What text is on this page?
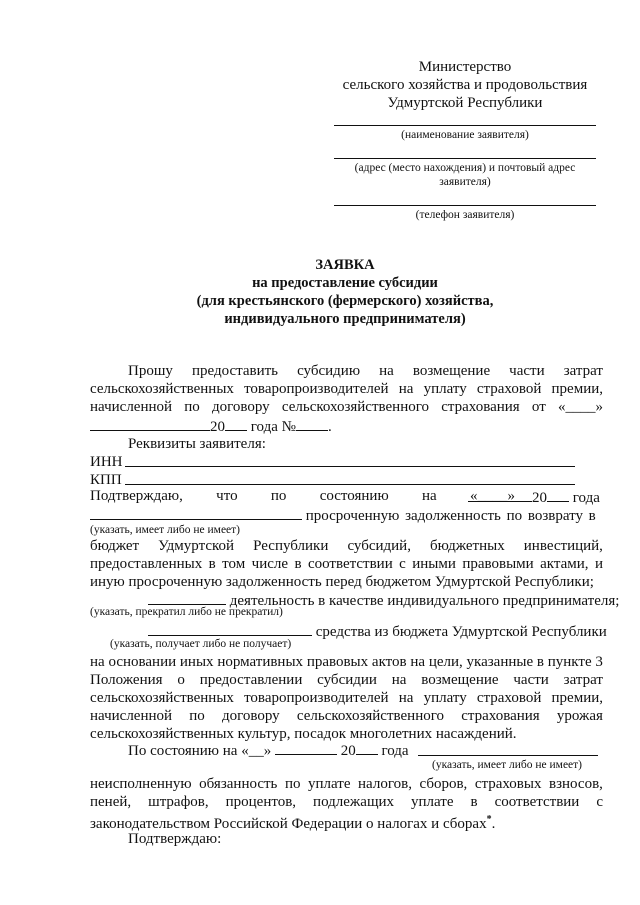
Министерство
сельского хозяйства и продовольствия
Удмуртской Республики
(наименование заявителя)
(адрес (место нахождения) и почтовый адрес
заявителя)
(телефон заявителя)
ЗАЯВКА
на предоставление субсидии
(для крестьянского (фермерского) хозяйства,
индивидуального предпринимателя)
Прошу предоставить субсидию на возмещение части затрат
сельскохозяйственных товаропроизводителей на уплату страховой премии,
начисленной по договору сельскохозяйственного страхования от «____»
20 года № .
Реквизиты заявителя:
ИНН
КПП
Подтверждаю, что по состоянию на «____»	20 года
просроченную задолженность по возврату в
(указать, имеет либо не имеет)
бюджет Удмуртской Республики субсидий, бюджетных инвестиций,
предоставленных в том числе в соответствии с иными правовыми актами, и
иную просроченную задолженность перед бюджетом Удмуртской Республики;
деятельность в качестве индивидуального предпринимателя;
(указать, прекратил либо не прекратил)
средства из бюджета Удмуртской Республики
(указать, получает либо не получает)
на основании иных нормативных правовых актов на цели, указанные в пункте 3
Положения о предоставлении субсидии на возмещение части затрат
сельскохозяйственных товаропроизводителей на уплату страховой премии,
начисленной по договору сельскохозяйственного страхования урожая
сельскохозяйственных культур, посадок многолетних насаждений.
По состоянию на «__»	20 года
(указать, имеет либо не имеет)
неисполненную обязанность по уплате налогов, сборов, страховых взносов,
пеней, штрафов, процентов, подлежащих уплате в соответствии с
законодательством Российской Федерации о налогах и сборах*.
Подтверждаю:
